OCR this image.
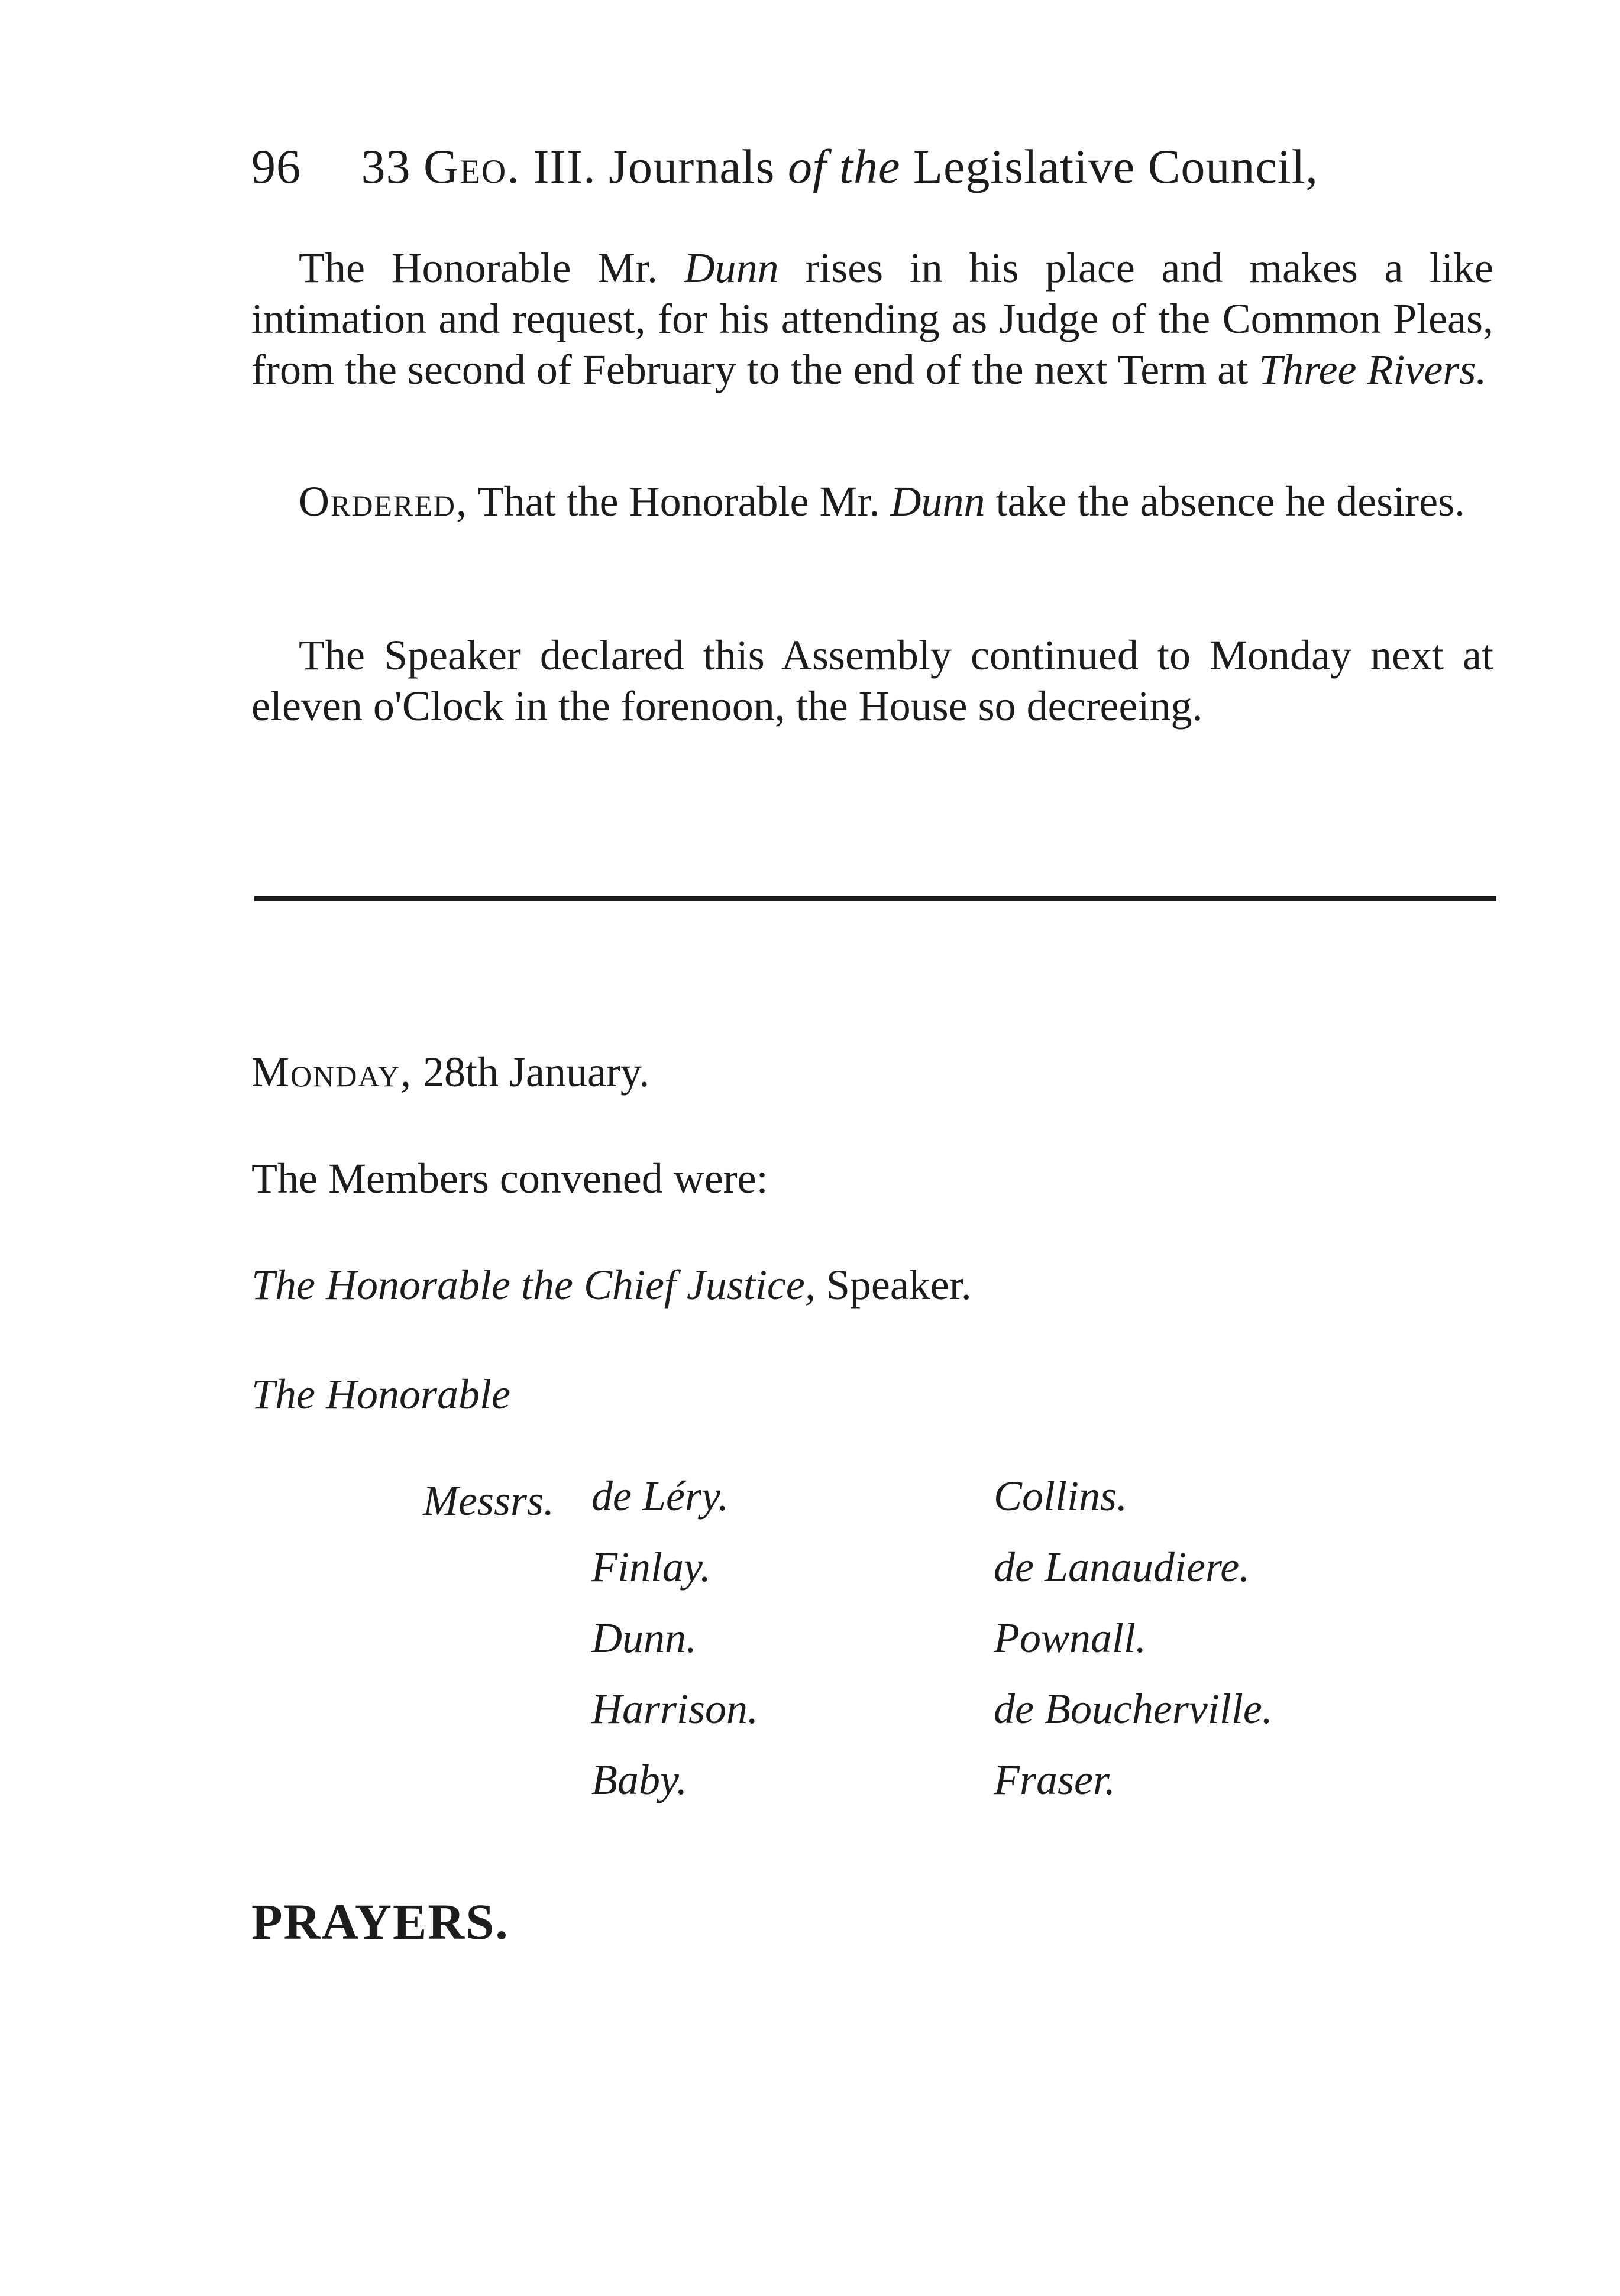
96 33 Geo. III. Journals of the Legislative Council,
The Honorable Mr. Dunn rises in his place and makes a like intimation and request, for his attending as Judge of the Common Pleas, from the second of February to the end of the next Term at Three Rivers.
Ordered, That the Honorable Mr. Dunn take the absence he desires.
The Speaker declared this Assembly continued to Monday next at eleven o'Clock in the forenoon, the House so decreeing.
Monday, 28th January.
The Members convened were:
The Honorable the Chief Justice, Speaker.
The Honorable
Messrs. de Léry.
Finlay.
Dunn.
Harrison.
Baby.
Collins.
de Lanaudiere.
Pownall.
de Boucherville.
Fraser.
PRAYERS.
